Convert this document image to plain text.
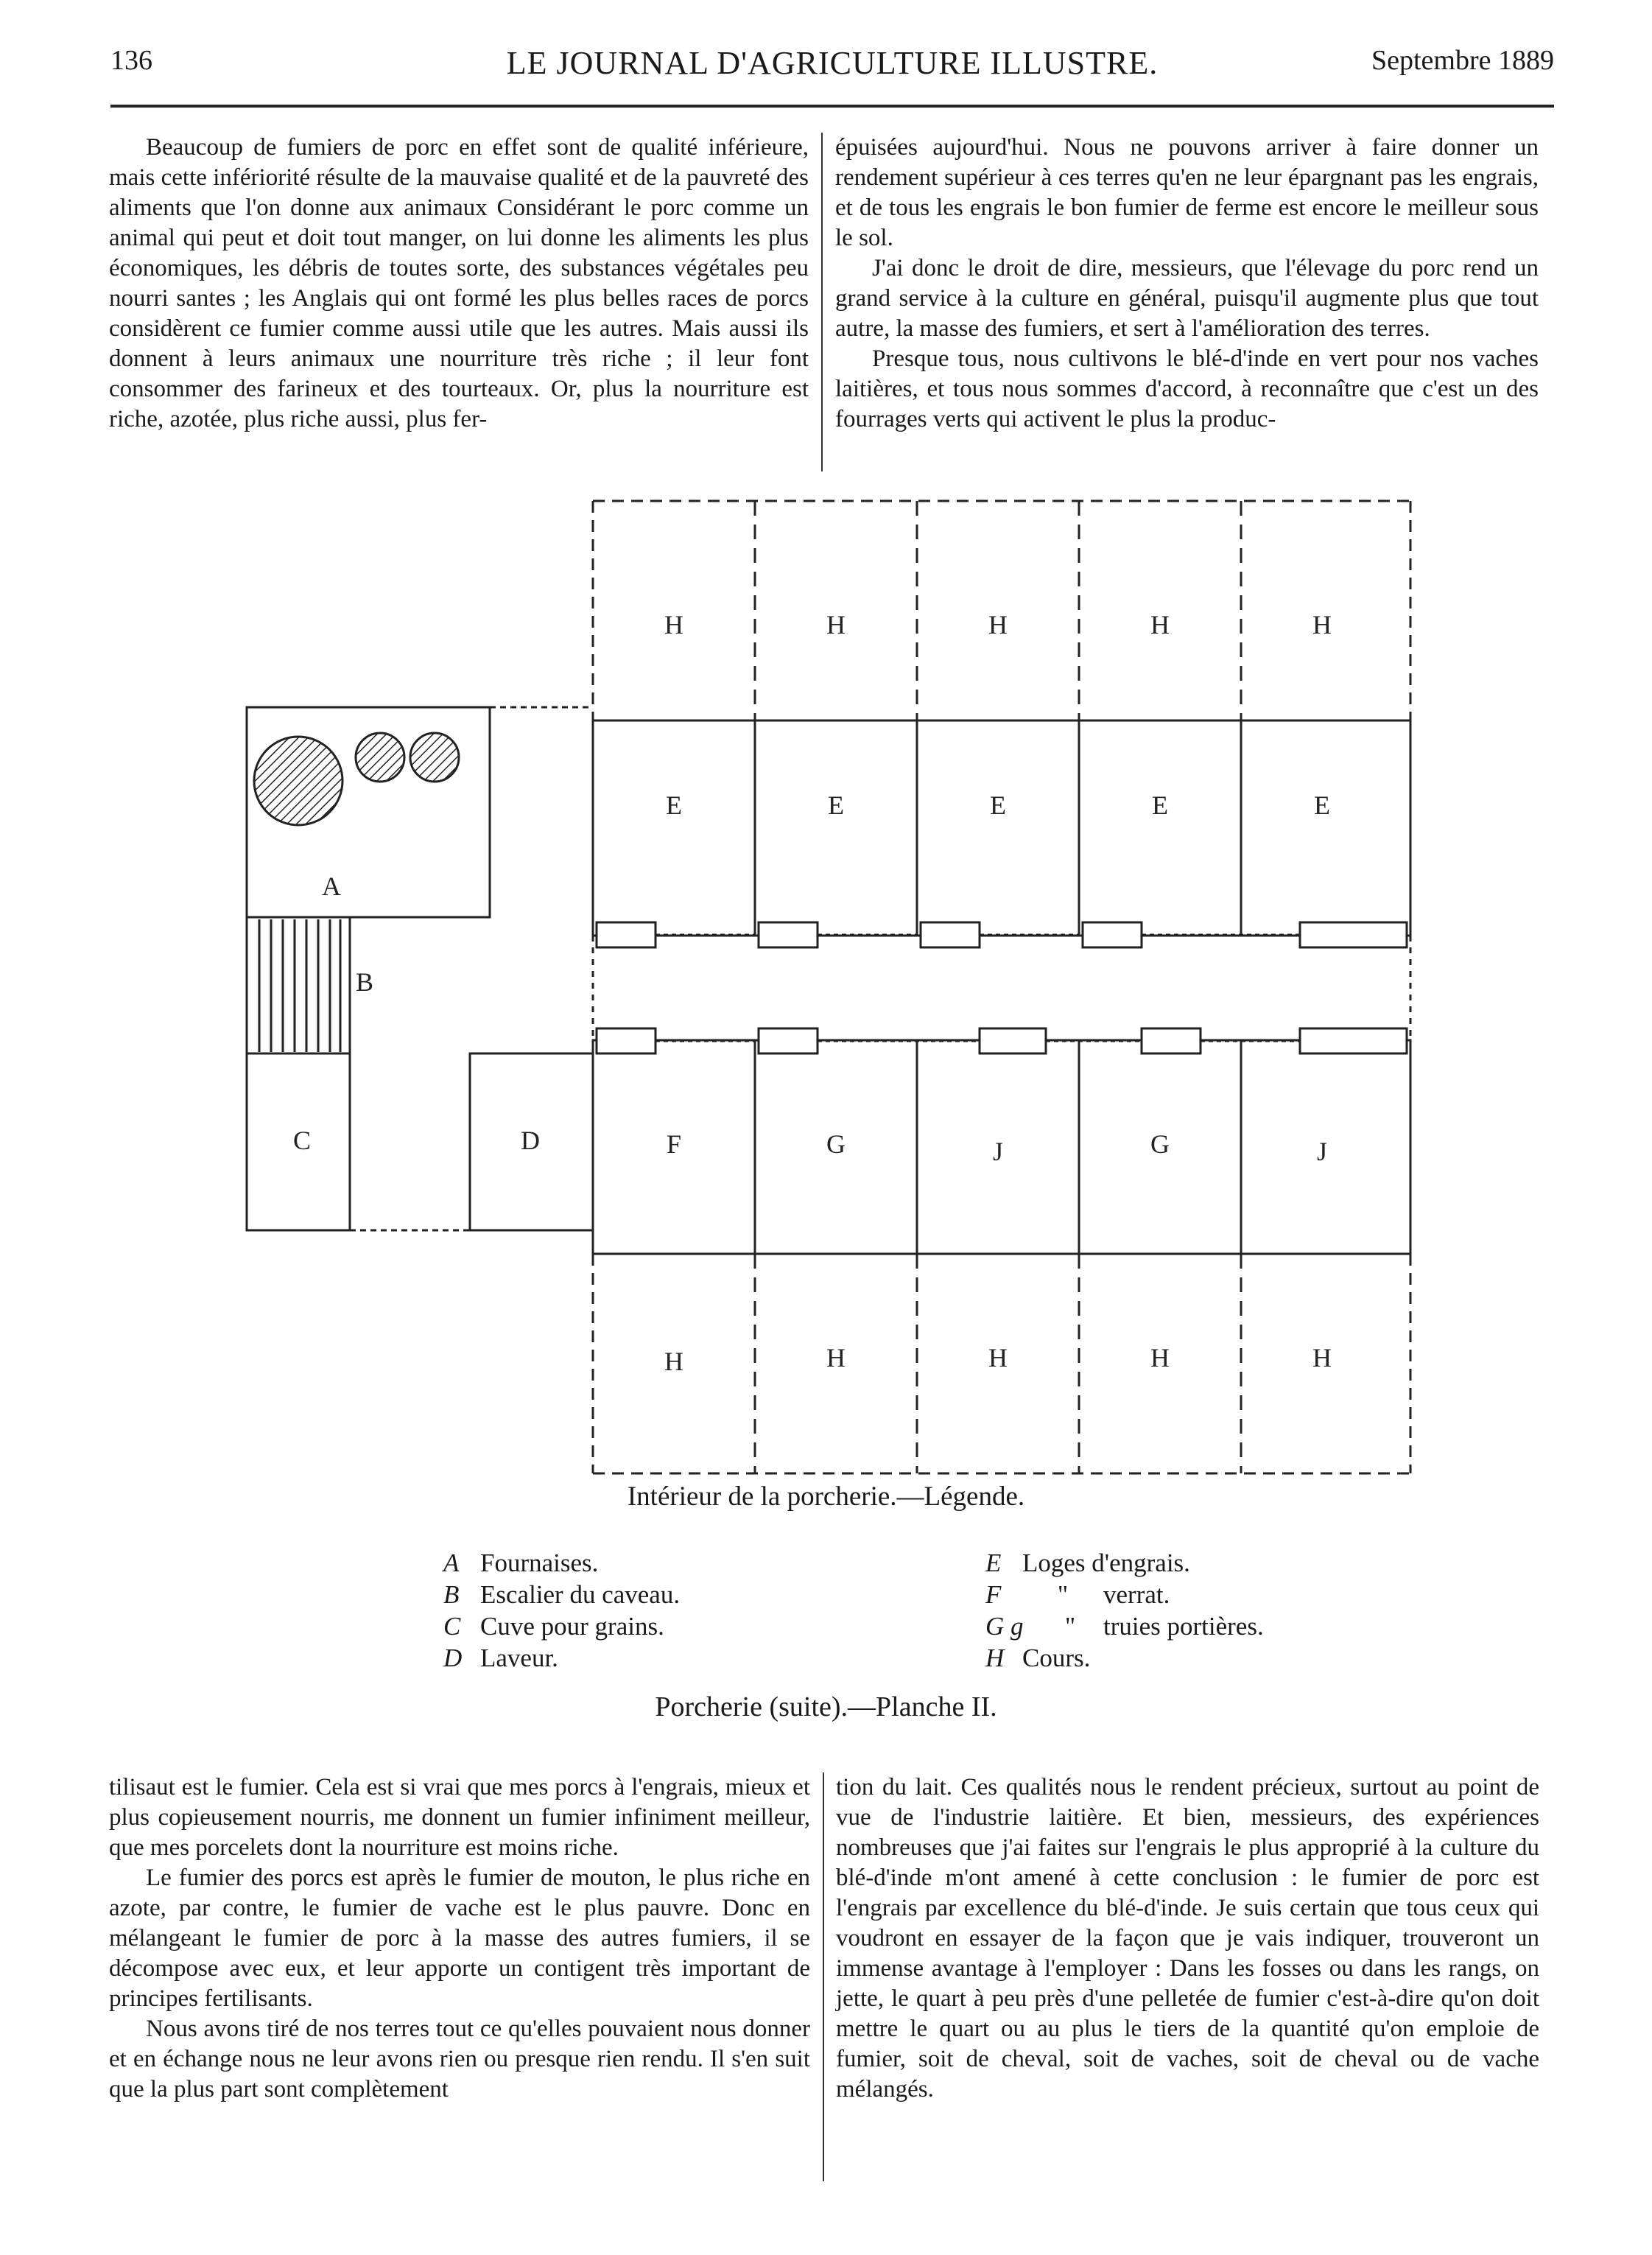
136	LE JOURNAL D'AGRICULTURE ILLUSTRE.	Septembre 1889

Beaucoup de fumiers de porc en effet sont de qualité inférieure, mais cette infériorité résulte de la mauvaise qualité et de la pauvreté des aliments que l'on donne aux animaux Considérant le porc comme un animal qui peut et doit tout manger, on lui donne les aliments les plus économiques, les débris de toutes sorte, des substances végétales peu nourri santes ; les Anglais qui ont formé les plus belles races de porcs considèrent ce fumier comme aussi utile que les autres. Mais aussi ils donnent à leurs animaux une nourriture très riche ; il leur font consommer des farineux et des tourteaux. Or, plus la nourriture est riche, azotée, plus riche aussi, plus fer-

épuisées aujourd'hui. Nous ne pouvons arriver à faire donner un rendement supérieur à ces terres qu'en ne leur épargnant pas les engrais, et de tous les engrais le bon fumier de ferme est encore le meilleur sous le sol.

J'ai donc le droit de dire, messieurs, que l'élevage du porc rend un grand service à la culture en général, puisqu'il augmente plus que tout autre, la masse des fumiers, et sert à l'amélioration des terres.

Presque tous, nous cultivons le blé-d'inde en vert pour nos vaches laitières, et tous nous sommes d'accord, à reconnaître que c'est un des fourrages verts qui activent le plus la produc-

A
B
C	D
H	H	H	H	H
E	E	E	E	E
F	G	J	G	J
H	H	H	H	H
Intérieur de la porcherie.—Légende.
A Fournaises.
B Escalier du caveau.
C Cuve pour grains.
D Laveur.
E Loges d'engrais.
F " verrat.
G g " truies portières.
H Cours.
Porcherie (suite).—Planche II.

tilisaut est le fumier. Cela est si vrai que mes porcs à l'engrais, mieux et plus copieusement nourris, me donnent un fumier infiniment meilleur, que mes porcelets dont la nourriture est moins riche.

Le fumier des porcs est après le fumier de mouton, le plus riche en azote, par contre, le fumier de vache est le plus pauvre. Donc en mélangeant le fumier de porc à la masse des autres fumiers, il se décompose avec eux, et leur apporte un contigent très important de principes fertilisants.

Nous avons tiré de nos terres tout ce qu'elles pouvaient nous donner et en échange nous ne leur avons rien ou presque rien rendu. Il s'en suit que la plus part sont complètement

tion du lait. Ces qualités nous le rendent précieux, surtout au point de vue de l'industrie laitière. Et bien, messieurs, des expériences nombreuses que j'ai faites sur l'engrais le plus approprié à la culture du blé-d'inde m'ont amené à cette conclusion : le fumier de porc est l'engrais par excellence du blé-d'inde. Je suis certain que tous ceux qui voudront en essayer de la façon que je vais indiquer, trouveront un immense avantage à l'employer : Dans les fosses ou dans les rangs, on jette, le quart à peu près d'une pelletée de fumier c'est-à-dire qu'on doit mettre le quart ou au plus le tiers de la quantité qu'on emploie de fumier, soit de cheval, soit de vaches, soit de cheval ou de vache mélangés.
